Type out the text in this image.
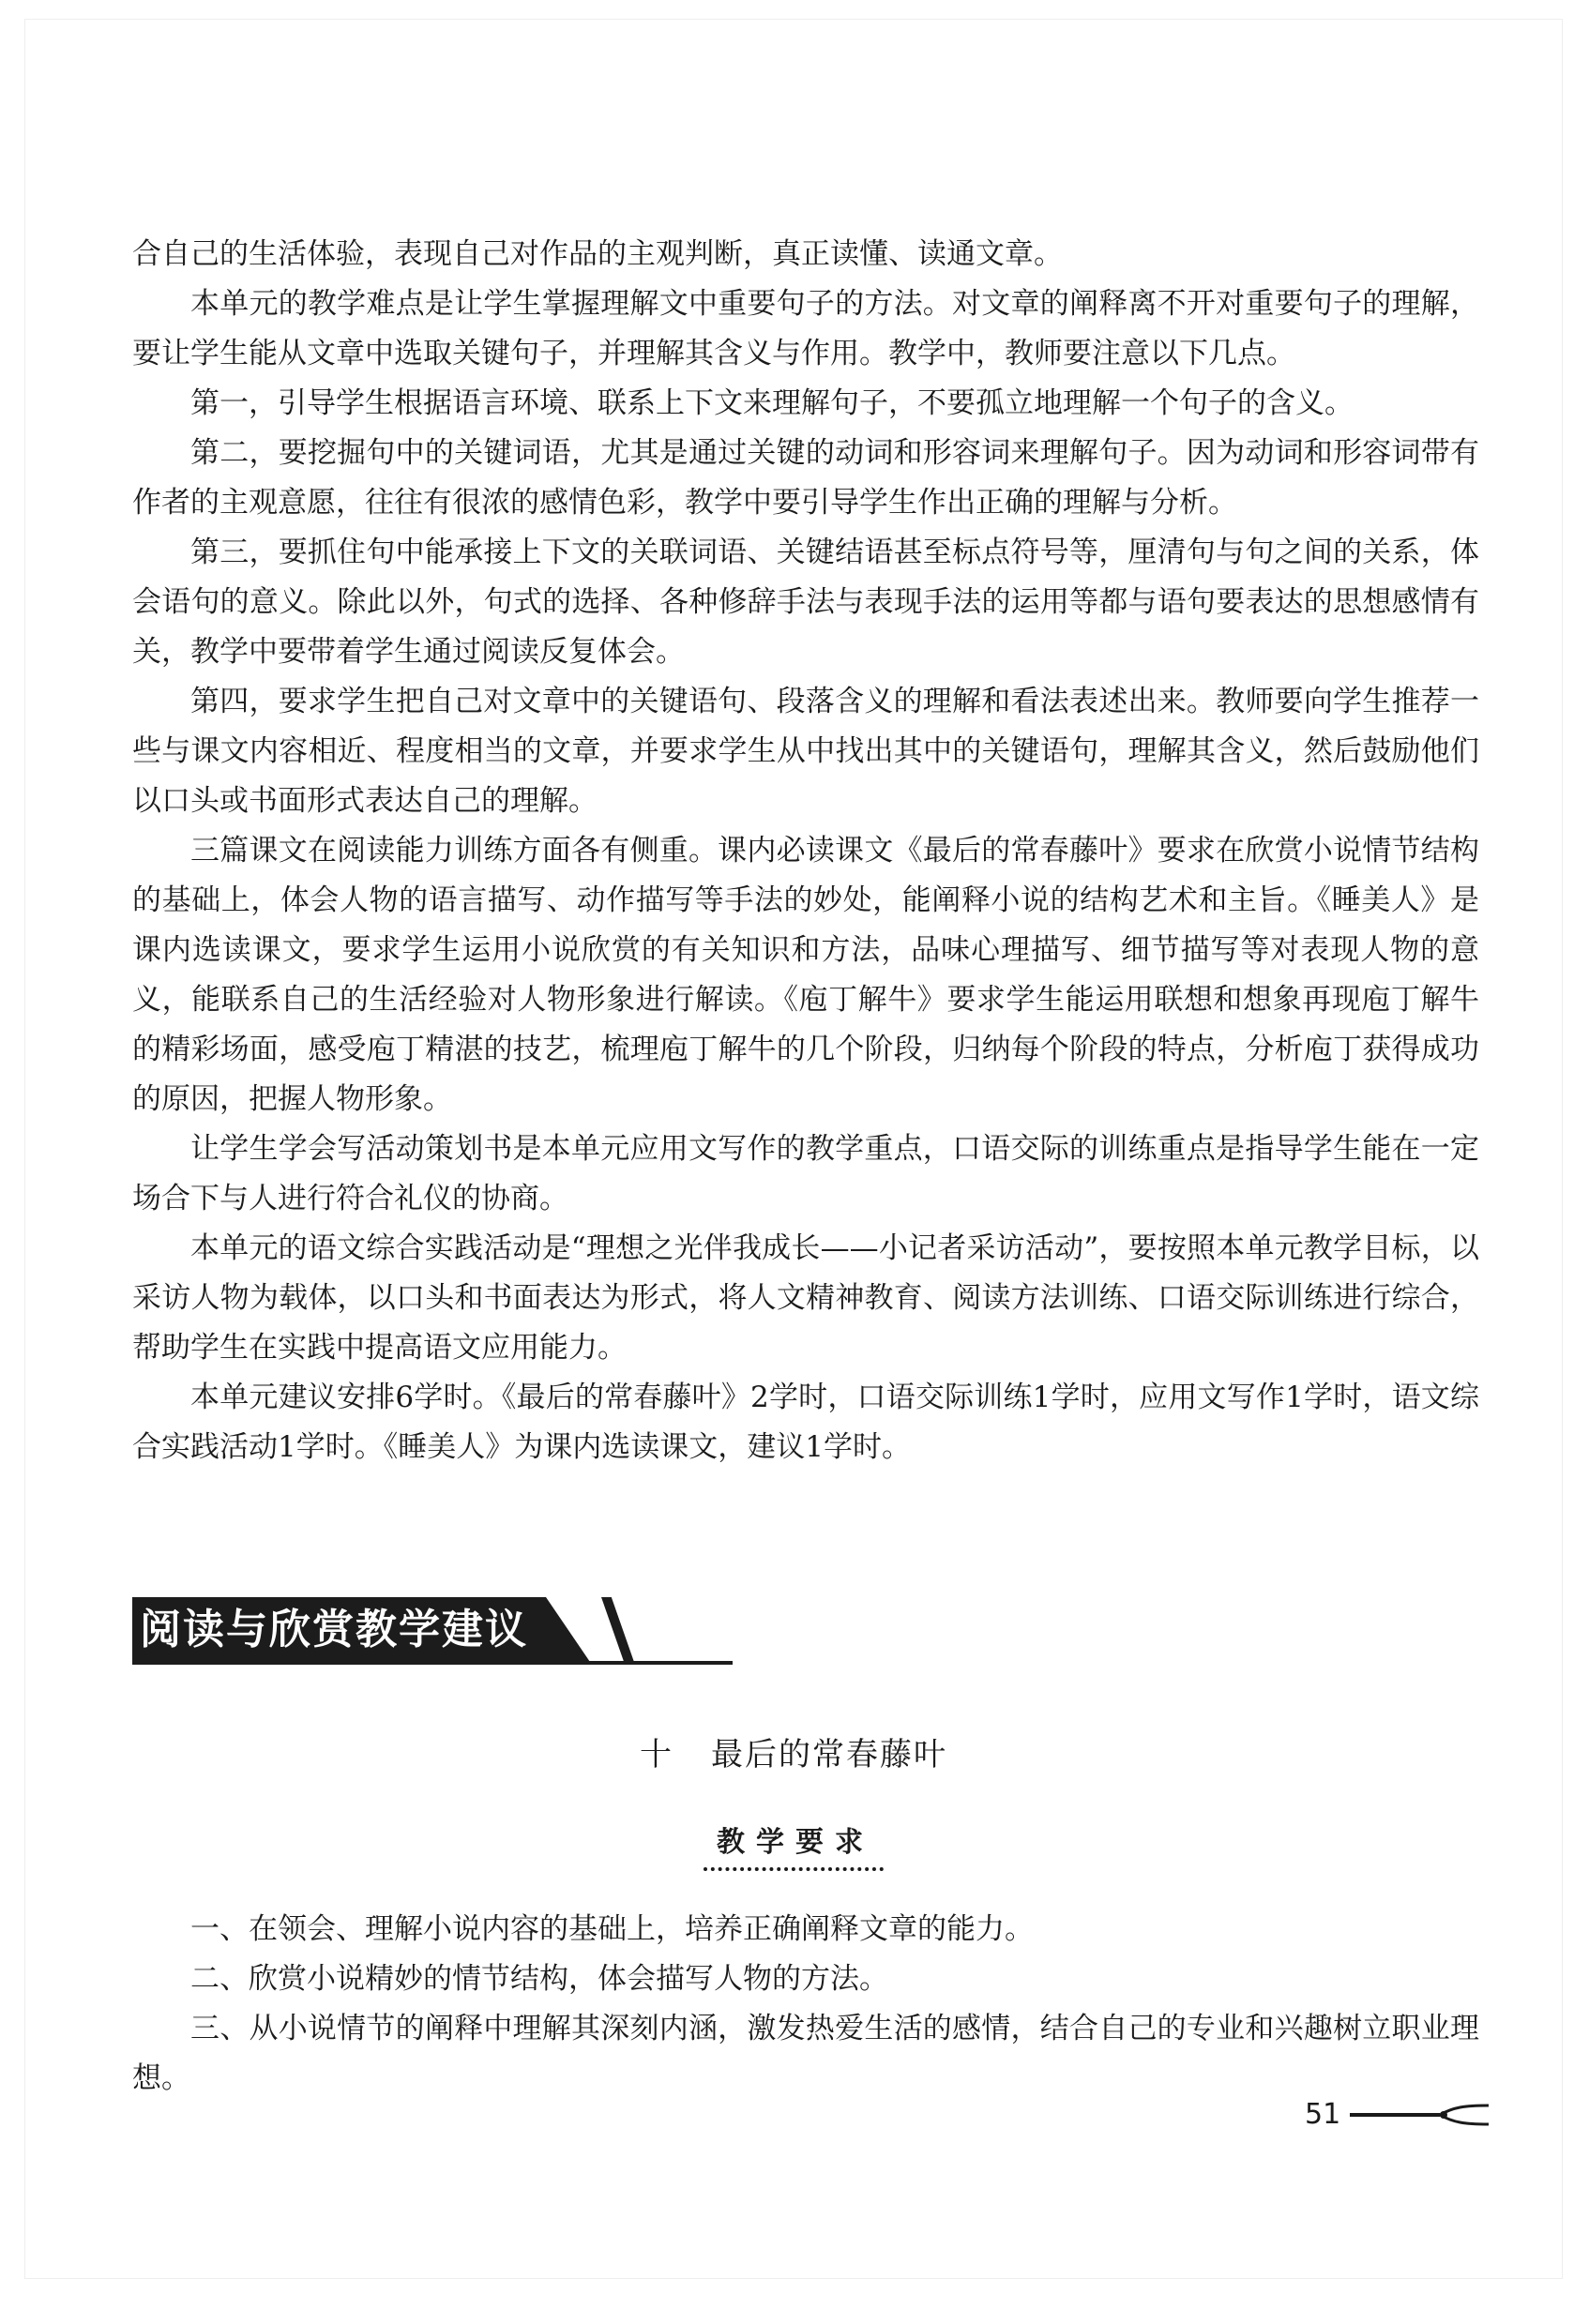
合自己的生活体验，表现自己对作品的主观判断，真正读懂、读通文章。

本单元的教学难点是让学生掌握理解文中重要句子的方法。对文章的阐释离不开对重要句子的理解，要让学生能从文章中选取关键句子，并理解其含义与作用。教学中，教师要注意以下几点。

第一，引导学生根据语言环境、联系上下文来理解句子，不要孤立地理解一个句子的含义。

第二，要挖掘句中的关键词语，尤其是通过关键的动词和形容词来理解句子。因为动词和形容词带有作者的主观意愿，往往有很浓的感情色彩，教学中要引导学生作出正确的理解与分析。

第三，要抓住句中能承接上下文的关联词语、关键结语甚至标点符号等，厘清句与句之间的关系，体会语句的意义。除此以外，句式的选择、各种修辞手法与表现手法的运用等都与语句要表达的思想感情有关，教学中要带着学生通过阅读反复体会。

第四，要求学生把自己对文章中的关键语句、段落含义的理解和看法表述出来。教师要向学生推荐一些与课文内容相近、程度相当的文章，并要求学生从中找出其中的关键语句，理解其含义，然后鼓励他们以口头或书面形式表达自己的理解。

三篇课文在阅读能力训练方面各有侧重。课内必读课文《最后的常春藤叶》要求在欣赏小说情节结构的基础上，体会人物的语言描写、动作描写等手法的妙处，能阐释小说的结构艺术和主旨。《睡美人》是课内选读课文，要求学生运用小说欣赏的有关知识和方法，品味心理描写、细节描写等对表现人物的意义，能联系自己的生活经验对人物形象进行解读。《庖丁解牛》要求学生能运用联想和想象再现庖丁解牛的精彩场面，感受庖丁精湛的技艺，梳理庖丁解牛的几个阶段，归纳每个阶段的特点，分析庖丁获得成功的原因，把握人物形象。

让学生学会写活动策划书是本单元应用文写作的教学重点，口语交际的训练重点是指导学生能在一定场合下与人进行符合礼仪的协商。

本单元的语文综合实践活动是“理想之光伴我成长——小记者采访活动”，要按照本单元教学目标，以采访人物为载体，以口头和书面表达为形式，将人文精神教育、阅读方法训练、口语交际训练进行综合，帮助学生在实践中提高语文应用能力。

本单元建议安排6学时。《最后的常春藤叶》2学时，口语交际训练1学时，应用文写作1学时，语文综合实践活动1学时。《睡美人》为课内选读课文，建议1学时。

阅读与欣赏教学建议
十 最后的常春藤叶
教学要求

一、在领会、理解小说内容的基础上，培养正确阐释文章的能力。

二、欣赏小说精妙的情节结构，体会描写人物的方法。

三、从小说情节的阐释中理解其深刻内涵，激发热爱生活的感情，结合自己的专业和兴趣树立职业理想。

51
